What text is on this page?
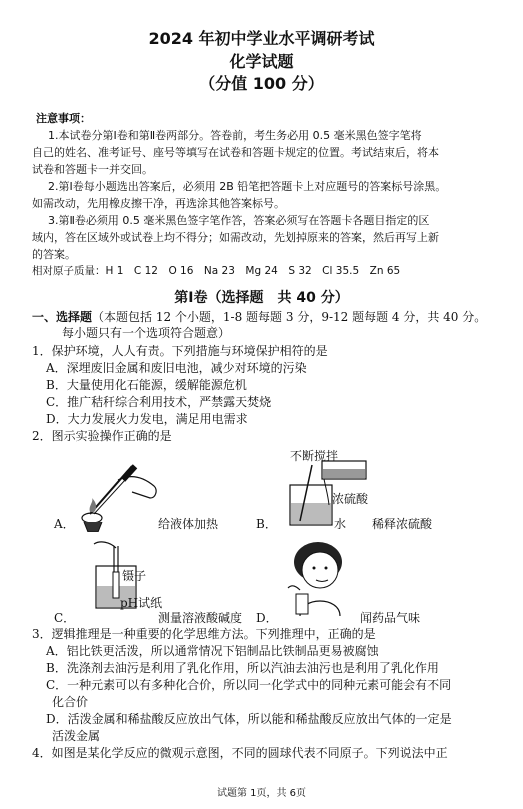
2024 年初中学业水平调研考试
化学试题
（分值 100 分）
注意事项：
1.本试卷分第Ⅰ卷和第Ⅱ卷两部分。答卷前，考生务必用 0.5 毫米黑色签字笔将
自己的姓名、准考证号、座号等填写在试卷和答题卡规定的位置。考试结束后，将本
试卷和答题卡一并交回。
2.第Ⅰ卷每小题选出答案后，必须用 2B 铅笔把答题卡上对应题号的答案标号涂黑。
如需改动，先用橡皮擦干净，再选涂其他答案标号。
3.第Ⅱ卷必须用 0.5 毫米黑色签字笔作答，答案必须写在答题卡各题目指定的区
域内，答在区域外或试卷上均不得分；如需改动，先划掉原来的答案，然后再写上新
的答案。
相对原子质量：H 1　C 12　O 16　Na 23　Mg 24　S 32　Cl 35.5　Zn 65
第Ⅰ卷（选择题　共 40 分）
一、选择题（本题包括 12 个小题，1-8 题每题 3 分，9-12 题每题 4 分，共 40 分。
每小题只有一个选项符合题意）
1．保护环境，人人有责。下列措施与环境保护相符的是
A．深埋废旧金属和废旧电池，减少对环境的污染
B．大量使用化石能源，缓解能源危机
C．推广秸秆综合利用技术，严禁露天焚烧
D．大力发展火力发电，满足用电需求
2．图示实验操作正确的是
A．	给液体加热
不断搅拌
浓硫酸
水
B．	稀释浓硫酸
镊子
pH试纸
C．	测量溶液酸碱度 D．	闻药品气味
3．逻辑推理是一种重要的化学思维方法。下列推理中，正确的是
A．铝比铁更活泼，所以通常情况下铝制品比铁制品更易被腐蚀
B．洗涤剂去油污是利用了乳化作用，所以汽油去油污也是利用了乳化作用
C．一种元素可以有多种化合价，所以同一化学式中的同种元素可能会有不同
化合价
D．活泼金属和稀盐酸反应放出气体，所以能和稀盐酸反应放出气体的一定是
活泼金属
4．如图是某化学反应的微观示意图，不同的圆球代表不同原子。下列说法中正
试题第 1页，共 6页
